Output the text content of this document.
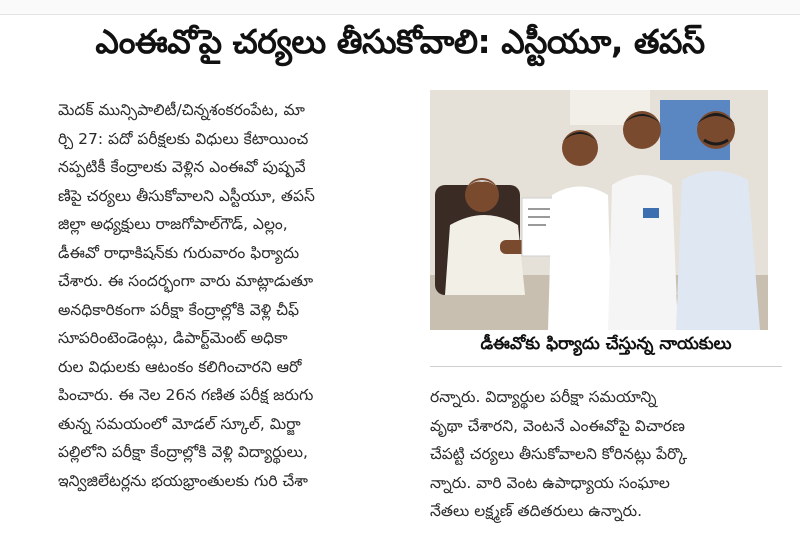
ఎంఈవోపై చర్యలు తీసుకోవాలి: ఎస్టీయూ, తపస్
మెదక్ మున్సిపాలిటీ/చిన్నశంకరంపేట, మా
ర్చి 27: పదో పరీక్షలకు విధులు కేటాయించ
నప్పటికీ కేంద్రాలకు వెళ్లిన ఎంఈవో పుష్పవే
ణిపై చర్యలు తీసుకోవాలని ఎస్టీయూ, తపస్
జిల్లా అధ్యక్షులు రాజగోపాల్‌గౌడ్, ఎల్లం,
డీఈవో రాధాకిషన్‌కు గురువారం ఫిర్యాదు
చేశారు. ఈ సందర్భంగా వారు మాట్లాడుతూ
అనధికారికంగా పరీక్షా కేంద్రాల్లోకి వెళ్లి చీఫ్
సూపరింటెండెంట్లు, డిపార్ట్‌మెంట్ అధికా
రుల విధులకు ఆటంకం కలిగించారని ఆరో
పించారు. ఈ నెల 26న గణిత పరీక్ష జరుగు
తున్న సమయంలో మోడల్ స్కూల్, మిర్జా
పల్లిలోని పరీక్షా కేంద్రాల్లోకి వెళ్లి విద్యార్థులు,
ఇన్విజిలేటర్లను భయభ్రాంతులకు గురి చేశా
డీఈవోకు ఫిర్యాదు చేస్తున్న నాయకులు
రన్నారు. విద్యార్థుల పరీక్షా సమయాన్ని
వృథా చేశారని, వెంటనే ఎంఈవోపై విచారణ
చేపట్టి చర్యలు తీసుకోవాలని కోరినట్లు పేర్కొ
న్నారు. వారి వెంట ఉపాధ్యాయ సంఘాల
నేతలు లక్ష్మణ్ తదితరులు ఉన్నారు.
